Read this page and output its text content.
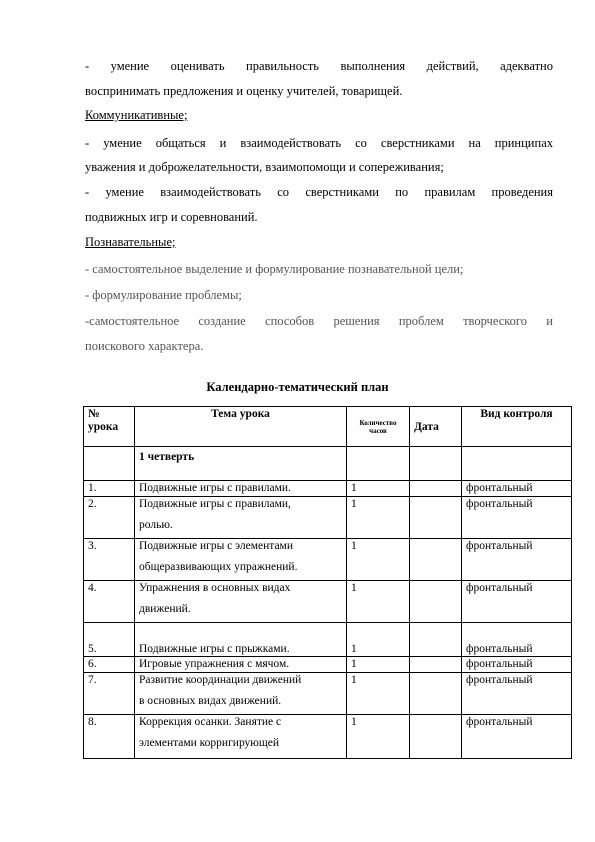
- умение оценивать правильность выполнения действий, адекватно

воспринимать предложения и оценку учителей, товарищей.

Коммуникативные;

- умение общаться и взаимодействовать со сверстниками на принципах

уважения и доброжелательности, взаимопомощи и сопереживания;

- умение взаимодействовать со сверстниками по правилам проведения

подвижных игр и соревнований.

Познавательные;

- самостоятельное выделение и формулирование познавательной цели;

- формулирование проблемы;

-самостоятельное создание способов решения проблем творческого и

поискового характера.

Календарно-тематический план
№ урока	Тема урока	Количество часов	Дата	Вид контроля
	1 четверть			
1.	Подвижные игры с правилами.	1		фронтальный
2.	Подвижные игры с правилами,
ролью.	1		фронтальный
3.	Подвижные игры с элементами
общеразвивающих упражнений.	1		фронтальный
4.	Упражнения в основных видах
движений.	1		фронтальный
5.	Подвижные игры с прыжками.	1		фронтальный
6.	Игровые упражнения с мячом.	1		фронтальный
7.	Развитие координации движений
в основных видах движений.	1		фронтальный
8.	Коррекция осанки. Занятие с
элементами корригирующей	1		фронтальный
